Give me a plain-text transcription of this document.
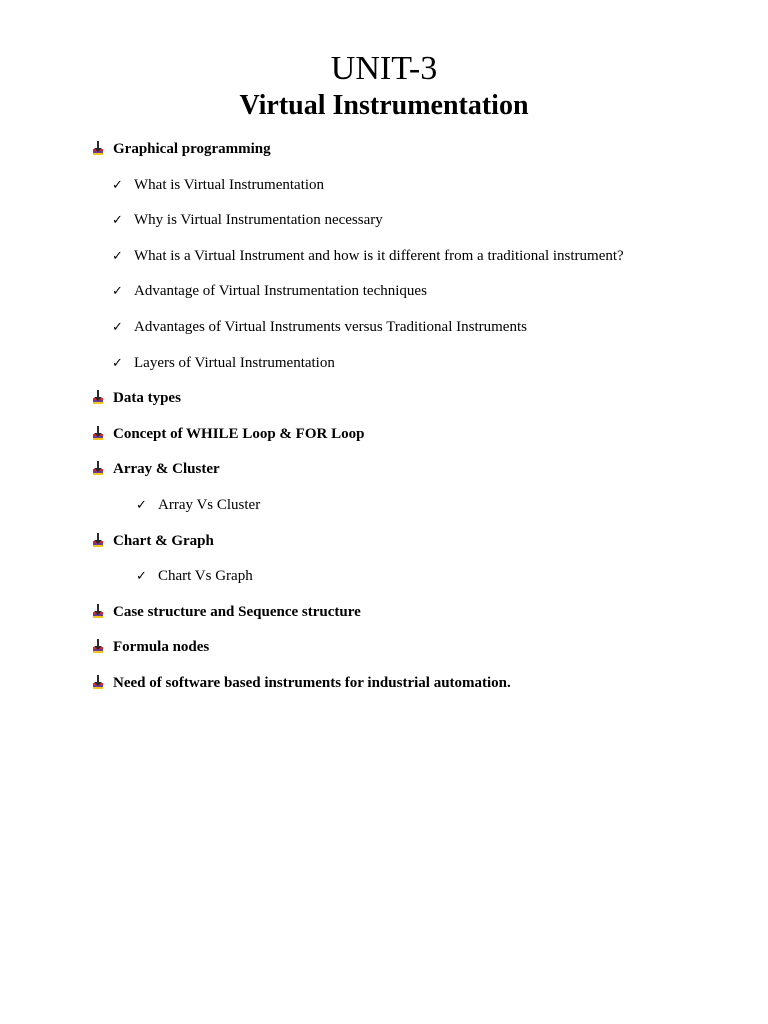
UNIT-3
Virtual Instrumentation
Graphical programming
✓ What is Virtual Instrumentation
✓ Why is Virtual Instrumentation necessary
✓ What is a Virtual Instrument and how is it different from a traditional instrument?
✓ Advantage of Virtual Instrumentation techniques
✓ Advantages of Virtual Instruments versus Traditional Instruments
✓ Layers of Virtual Instrumentation
Data types
Concept of WHILE Loop & FOR Loop
Array & Cluster
✓ Array Vs Cluster
Chart & Graph
✓ Chart Vs Graph
Case structure and Sequence structure
Formula nodes
Need of software based instruments for industrial automation.
